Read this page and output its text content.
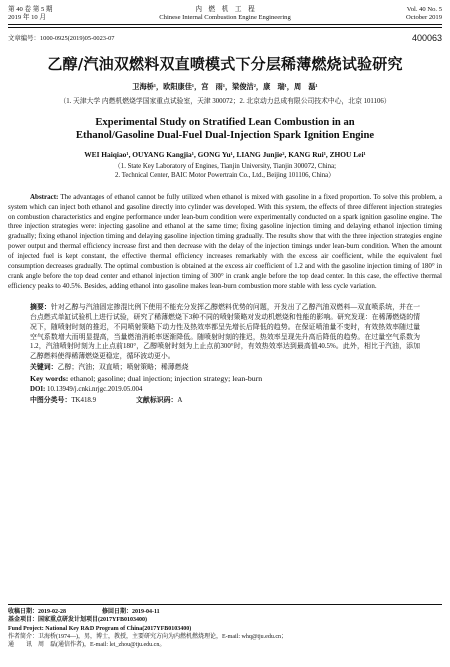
第 40 卷 第 5 期
2019 年 10 月
内　燃　机　工　程
Chinese Internal Combustion Engine Engineering
Vol. 40 No. 5
October 2019
文章编号：1000-0925(2019)05-0023-07	400063
乙醇/汽油双燃料双直喷模式下分层稀薄燃烧试验研究
卫海桥¹，欧阳康佳¹，宫　雨¹，梁俊洁²，康　瑞¹，周　磊¹
（1. 天津大学 内燃机燃烧学国家重点试验室，天津 300072；2. 北京动力总成有限公司技术中心，北京 101106）
Experimental Study on Stratified Lean Combustion in an
Ethanol/Gasoline Dual-Fuel Dual-Injection Spark Ignition Engine
WEI Haiqiao¹, OUYANG Kangjia¹, GONG Yu¹, LIANG Junjie², KANG Rui¹, ZHOU Lei¹
（1. State Key Laboratory of Engines, Tianjin University, Tianjin 300072, China;
2. Technical Center, BAIC Motor Powertrain Co., Ltd., Beijing 101106, China）
Abstract: The advantages of ethanol cannot be fully utilized when ethanol is mixed with gasoline in a fixed proportion. To solve this problem, a system which can inject both ethanol and gasoline directly into cylinder was developed. With this system, the effects of three different injection strategies on combustion characteristics and engine performance under lean-burn condition were experimentally conducted on a spark ignition gasoline engine. The three injection strategies were: injecting gasoline and ethanol at the same time; fixing gasoline injection timing and delaying ethanol injection timing gradually; fixing ethanol injection timing and delaying gasoline injection timing gradually. The results show that with the three injection strategies engine power output and thermal efficiency increase first and then decrease with the delay of the injection timings under lean-burn condition. When the amount of injected fuel is kept constant, the effective thermal efficiency increases remarkably with the excess air coefficient, while the equivalent fuel consumption decreases gradually. The optimal combustion is obtained at the excess air coefficient of 1.2 and with the gasoline injection timing of 180° in crank angle before the top dead center and ethanol injection timing of 300° in crank angle before the top dead center. In this case, the effective thermal efficiency peaks to 40.5%. Besides, adding ethanol into gasoline makes lean-burn combustion more stable with less cycle variation.

摘要：针对乙醇与汽油固定掺混比例下使用不能充分发挥乙醇燃料优势的问题，开发出了乙醇汽油双燃料—双直喷系统，并在一台点燃式单缸试验机上进行试验，研究了稀薄燃烧下3种不同的喷射策略对发动机燃烧和性能的影响。研究发现：在稀薄燃烧的情况下，随喷射时刻的推迟，不同喷射策略下动力性及热效率都呈先增长后降低的趋势。在保证喷油量不变时，有效热效率随过量空气系数增大而明显提高，当量燃油消耗率逐渐降低。随喷射时刻的推迟，热效率呈现先升高后降低的趋势。在过量空气系数为1.2，汽油喷射时刻为上止点前180°，乙醇喷射时刻为上止点前300°时，有效热效率达到最高值40.5%。此外，相比于汽油，添加乙醇燃料使得稀薄燃烧更稳定，循环波动更小。

关键词：乙醇；汽油；双直喷；喷射策略；稀薄燃烧

Key words: ethanol; gasoline; dual injection; injection strategy; lean-burn

DOI: 10.13949/j.cnki.nrjgc.2019.05.004

中图分类号：TK418.9	文献标识码：A

收稿日期：2019-02-28	修回日期：2019-04-11
基金项目：国家重点研发计划项目(2017YFB0103400)
Fund Project: National Key R&D Program of China(2017YFB0103400)
作者简介：卫海桥(1974—)，男，博士，教授，主要研究方向为内燃机燃烧理论，E-mail: whq@tju.edu.cn；
通　　讯　周　磊(通信作者)，E-mail: lei_zhou@tju.edu.cn。
